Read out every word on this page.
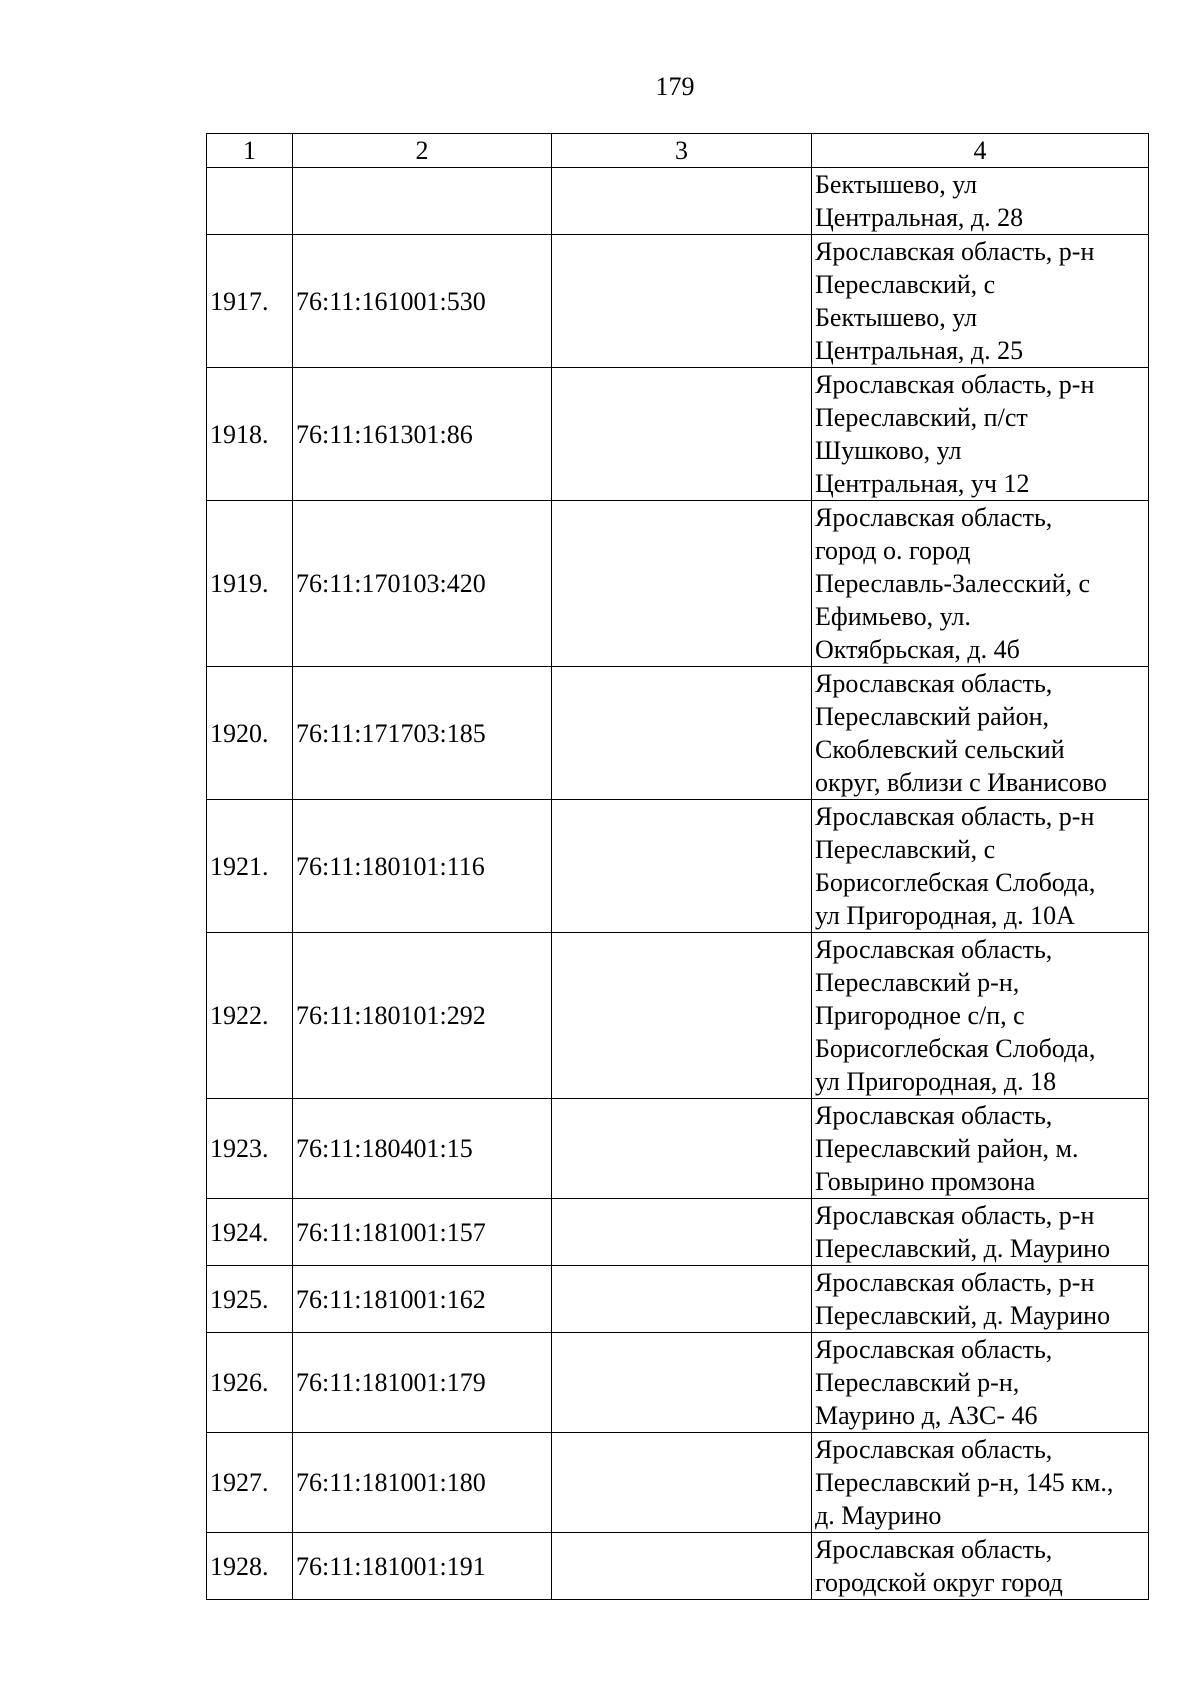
179
1	2	3	4

			Бектышево, ул
Центральная, д. 28

1917.	76:11:161001:530		Ярославская область, р-н
Переславский, с
Бектышево, ул
Центральная, д. 25

1918.	76:11:161301:86		Ярославская область, р-н
Переславский, п/ст
Шушково, ул
Центральная, уч 12

1919.	76:11:170103:420		Ярославская область,
город о. город
Переславль-Залесский, с
Ефимьево, ул.
Октябрьская, д. 4б

1920.	76:11:171703:185		Ярославская область,
Переславский район,
Скоблевский сельский
округ, вблизи с Иванисово

1921.	76:11:180101:116		Ярославская область, р-н
Переславский, с
Борисоглебская Слобода,
ул Пригородная, д. 10А

1922.	76:11:180101:292		Ярославская область,
Переславский р-н,
Пригородное с/п, с
Борисоглебская Слобода,
ул Пригородная, д. 18

1923.	76:11:180401:15		Ярославская область,
Переславский район, м.
Говырино промзона

1924.	76:11:181001:157		Ярославская область, р-н
Переславский, д. Маурино

1925.	76:11:181001:162		Ярославская область, р-н
Переславский, д. Маурино

1926.	76:11:181001:179		Ярославская область,
Переславский р-н,
Маурино д, АЗС- 46

1927.	76:11:181001:180		Ярославская область,
Переславский р-н, 145 км.,
д. Маурино

1928.	76:11:181001:191		Ярославская область,
городской округ город
